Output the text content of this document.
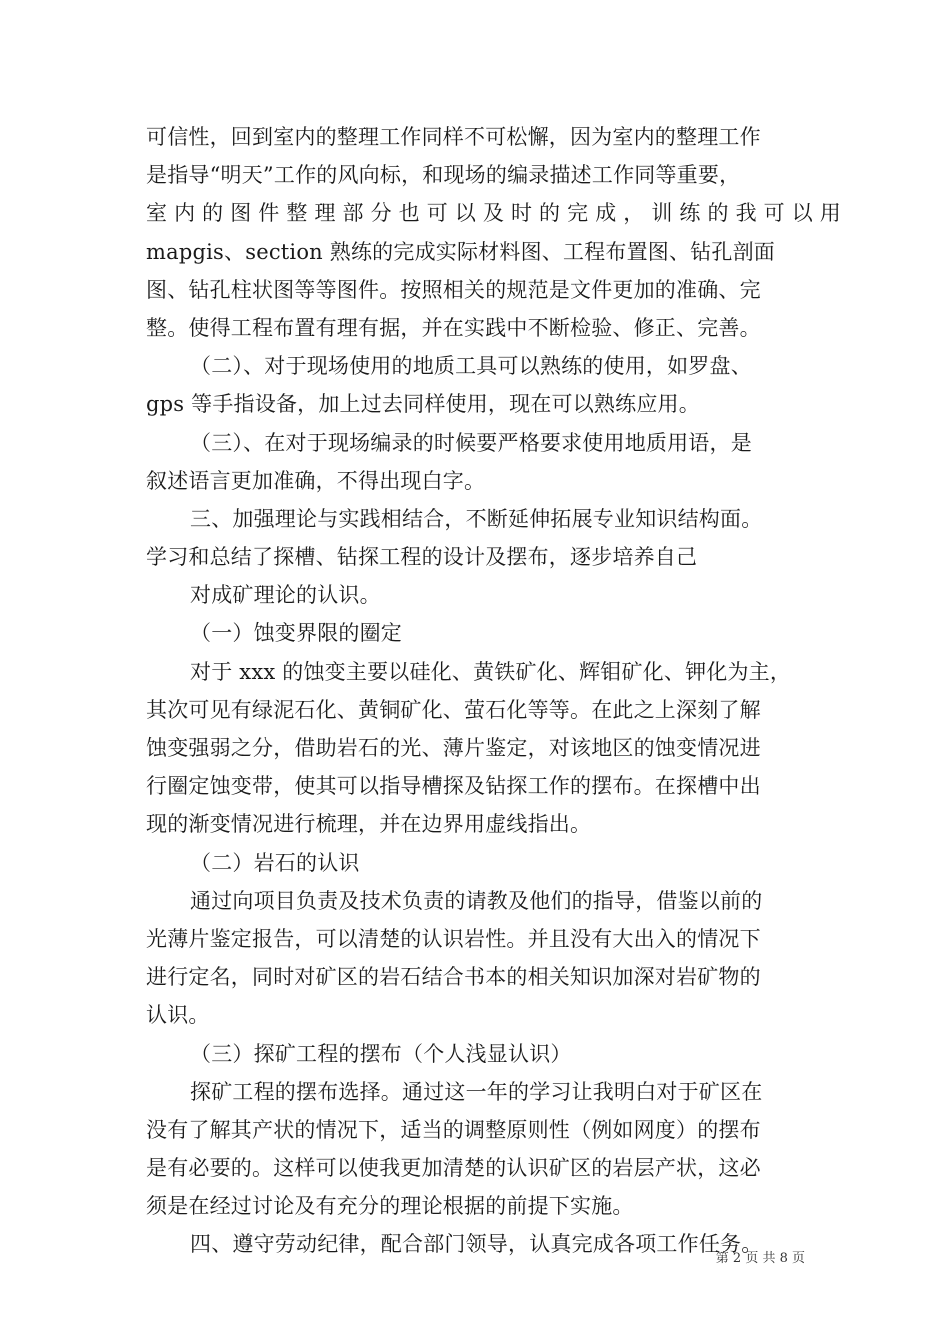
可信性，回到室内的整理工作同样不可松懈，因为室内的整理工作
是指导“明天”工作的风向标，和现场的编录描述工作同等重要，
室 内 的 图 件 整 理 部 分 也 可 以 及 时 的 完 成 ， 训 练 的 我 可 以 用
mapgis、section 熟练的完成实际材料图、工程布置图、钻孔剖面
图、钻孔柱状图等等图件。按照相关的规范是文件更加的准确、完
整。使得工程布置有理有据，并在实践中不断检验、修正、完善。
（二）、对于现场使用的地质工具可以熟练的使用，如罗盘、
gps 等手指设备，加上过去同样使用，现在可以熟练应用。
（三）、在对于现场编录的时候要严格要求使用地质用语，是
叙述语言更加准确，不得出现白字。
三、加强理论与实践相结合，不断延伸拓展专业知识结构面。
学习和总结了探槽、钻探工程的设计及摆布，逐步培养自己
对成矿理论的认识。
（一）蚀变界限的圈定
对于 xxx 的蚀变主要以硅化、黄铁矿化、辉钼矿化、钾化为主，
其次可见有绿泥石化、黄铜矿化、萤石化等等。在此之上深刻了解
蚀变强弱之分，借助岩石的光、薄片鉴定，对该地区的蚀变情况进
行圈定蚀变带，使其可以指导槽探及钻探工作的摆布。在探槽中出
现的渐变情况进行梳理，并在边界用虚线指出。
（二）岩石的认识
通过向项目负责及技术负责的请教及他们的指导，借鉴以前的
光薄片鉴定报告，可以清楚的认识岩性。并且没有大出入的情况下
进行定名，同时对矿区的岩石结合书本的相关知识加深对岩矿物的
认识。
（三）探矿工程的摆布（个人浅显认识）
探矿工程的摆布选择。通过这一年的学习让我明白对于矿区在
没有了解其产状的情况下，适当的调整原则性（例如网度）的摆布
是有必要的。这样可以使我更加清楚的认识矿区的岩层产状，这必
须是在经过讨论及有充分的理论根据的前提下实施。
四、遵守劳动纪律，配合部门领导，认真完成各项工作任务。
第 2 页 共 8 页
